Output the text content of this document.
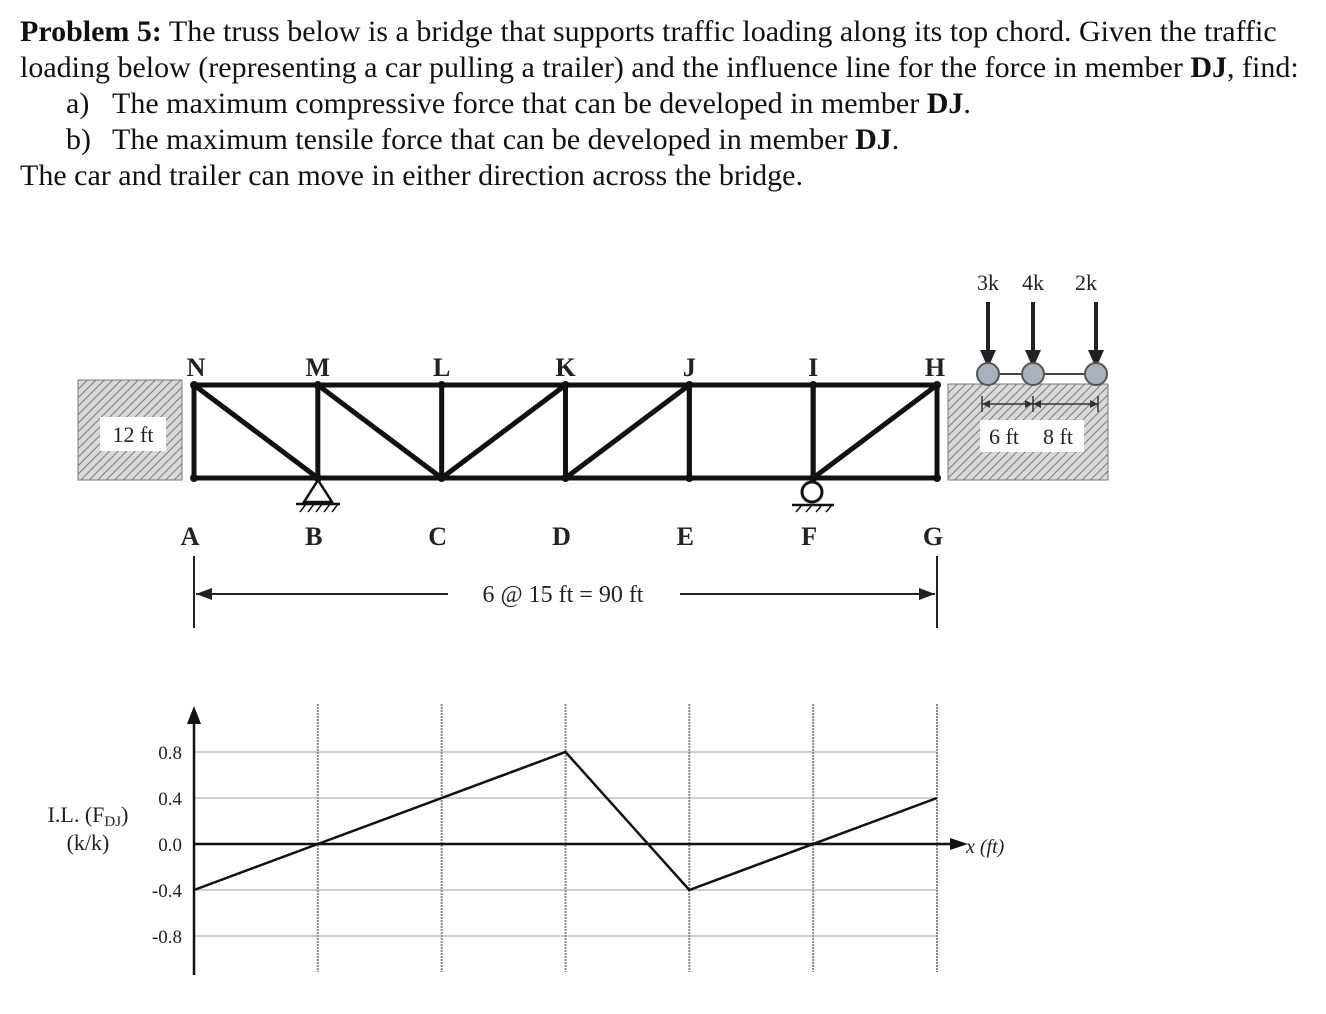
Problem 5: The truss below is a bridge that supports traffic loading along its top chord. Given the traffic loading below (representing a car pulling a trailer) and the influence line for the force in member DJ, find:

a) The maximum compressive force that can be developed in member DJ.
b) The maximum tensile force that can be developed in member DJ.

The car and trailer can move in either direction across the bridge.

12 ft	6 ft 8 ft
N	M	L	K	J	I	H
A	B	C	D	E	F	G
6 @ 15 ft = 90 ft
3k 4k 2k
0.8
0.4
0.0
-0.4
-0.8
I.L. (FDJ)
(k/k)	x (ft)
